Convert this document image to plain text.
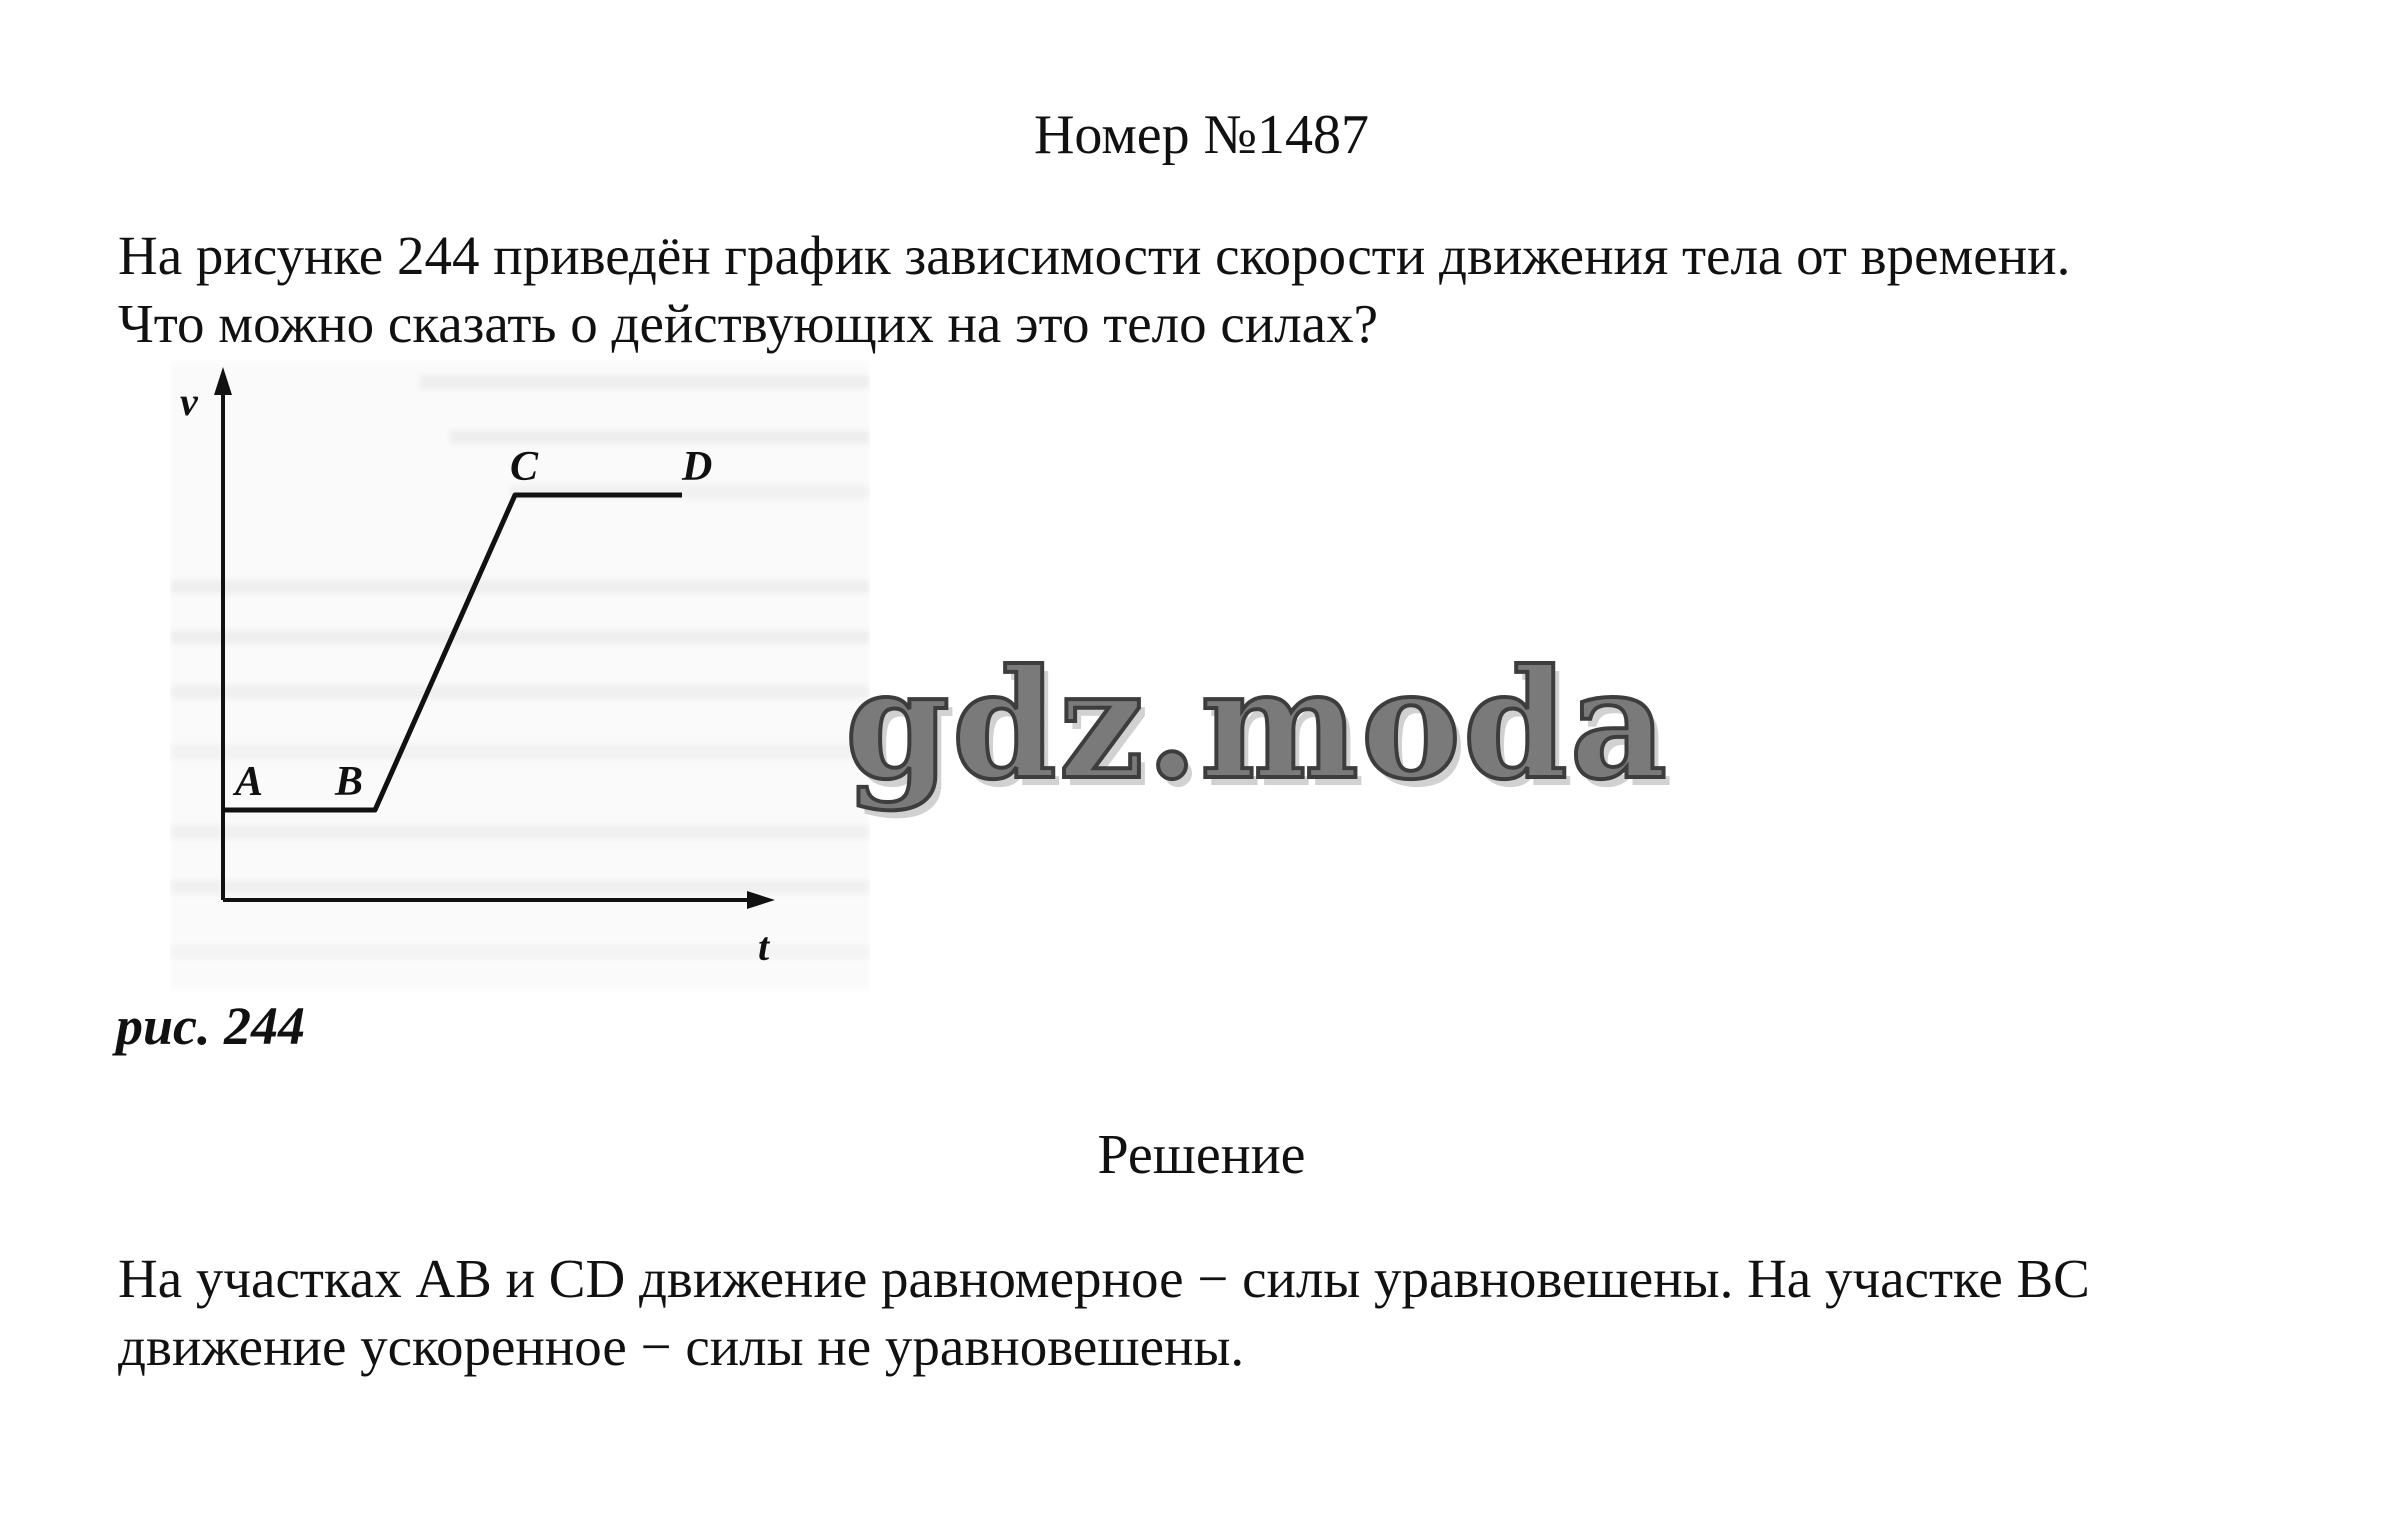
Номер №1487
На рисунке 244 приведён график зависимости скорости движения тела от времени.
Что можно сказать о действующих на это тело силах?
v
t
A B
C	D
gdz.moda
рис. 244
Решение
На участках AB и CD движение равномерное − силы уравновешены. На участке BC
движение ускоренное − силы не уравновешены.
